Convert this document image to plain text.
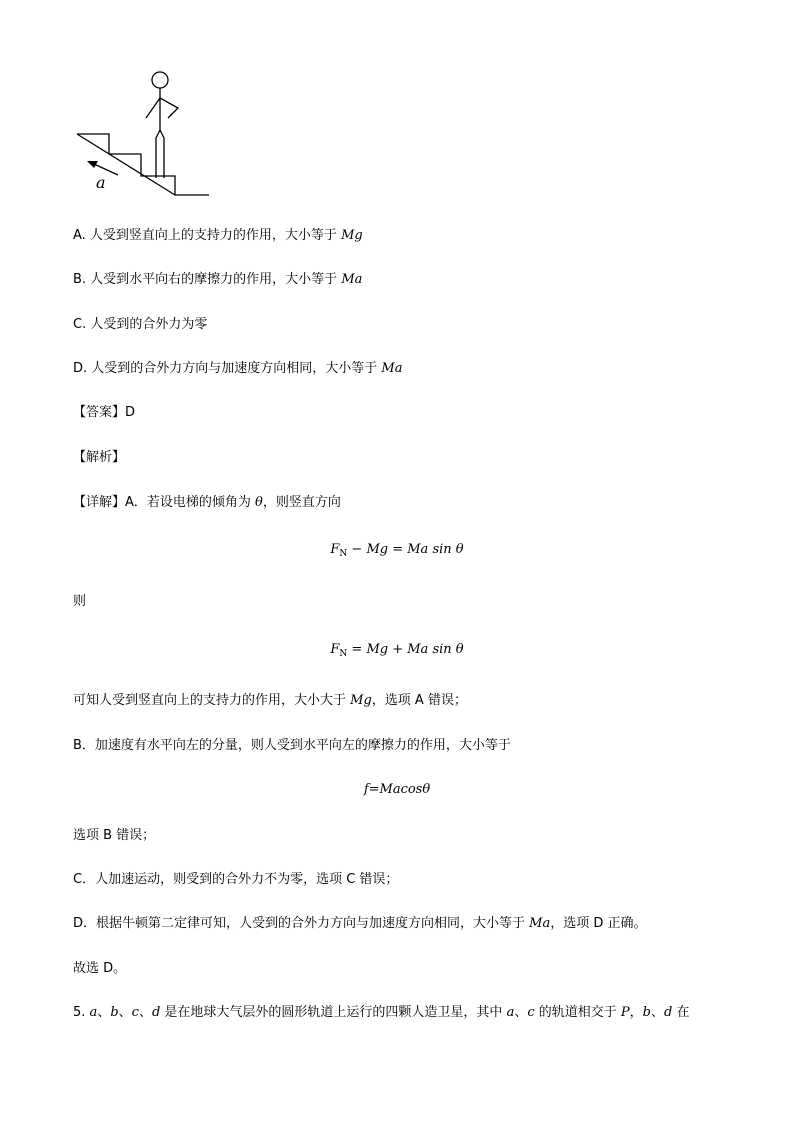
a
A. 人受到竖直向上的支持力的作用，大小等于 Mg
B. 人受到水平向右的摩擦力的作用，大小等于 Ma
C. 人受到的合外力为零
D. 人受到的合外力方向与加速度方向相同，大小等于 Ma
【答案】D
【解析】
【详解】A．若设电梯的倾角为 θ，则竖直方向
$F_N - Mg = Ma$ sin θ
则
$F_N = Mg + Ma$ sin θ
可知人受到竖直向上的支持力的作用，大小大于 Mg，选项 A 错误；
B．加速度有水平向左的分量，则人受到水平向左的摩擦力的作用，大小等于
f=Macosθ
选项 B 错误；
C．人加速运动，则受到的合外力不为零，选项 C 错误；
D．根据牛顿第二定律可知，人受到的合外力方向与加速度方向相同，大小等于 Ma，选项 D 正确。
故选 D。
5. a、b、c、d 是在地球大气层外的圆形轨道上运行的四颗人造卫星，其中 a、c 的轨道相交于 P，b、d 在
